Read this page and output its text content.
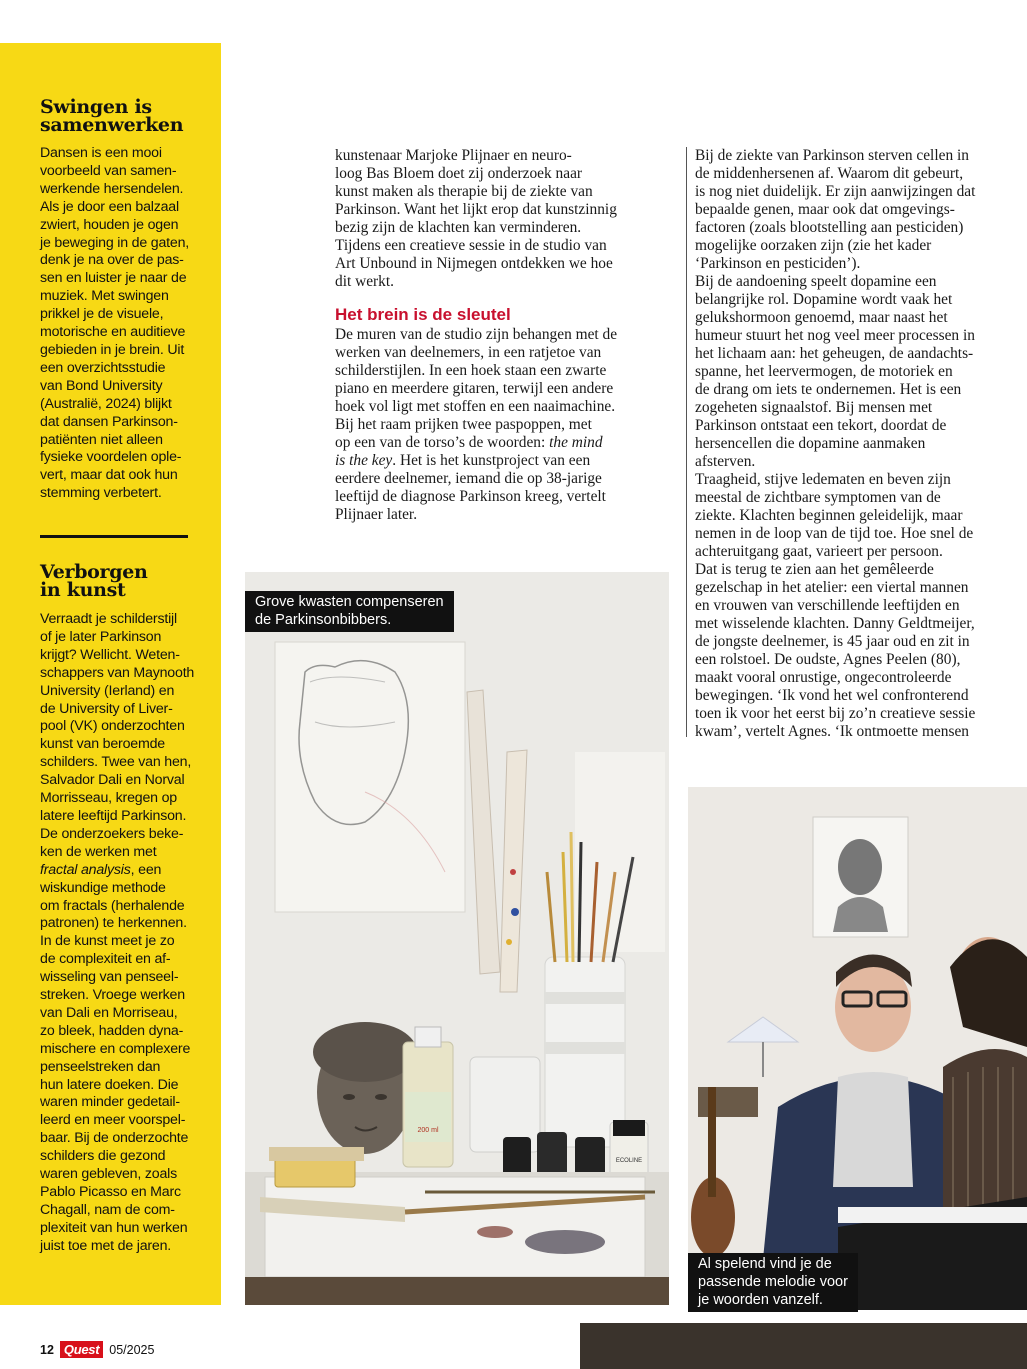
Swingen is
samenwerken
Dansen is een mooi
voorbeeld van samen-
werkende hersendelen.
Als je door een balzaal
zwiert, houden je ogen
je beweging in de gaten,
denk je na over de pas-
sen en luister je naar de
muziek. Met swingen
prikkel je de visuele,
motorische en auditieve
gebieden in je brein. Uit
een overzichtsstudie
van Bond University
(Australië, 2024) blijkt
dat dansen Parkinson-
patiënten niet alleen
fysieke voordelen ople-
vert, maar dat ook hun
stemming verbetert.
Verborgen
in kunst
Verraadt je schilderstijl
of je later Parkinson
krijgt? Wellicht. Weten-
schappers van Maynooth
University (Ierland) en
de University of Liver-
pool (VK) onderzochten
kunst van beroemde
schilders. Twee van hen,
Salvador Dali en Norval
Morrisseau, kregen op
latere leeftijd Parkinson.
De onderzoekers beke-
ken de werken met
fractal analysis, een
wiskundige methode
om fractals (herhalende
patronen) te herkennen.
In de kunst meet je zo
de complexiteit en af-
wisseling van penseel-
streken. Vroege werken
van Dali en Morriseau,
zo bleek, hadden dyna-
mischere en complexere
penseelstreken dan
hun latere doeken. Die
waren minder gedetail-
leerd en meer voorspel-
baar. Bij de onderzochte
schilders die gezond
waren gebleven, zoals
Pablo Picasso en Marc
Chagall, nam de com-
plexiteit van hun werken
juist toe met de jaren.
kunstenaar Marjoke Plijnaer en neuro-
loog Bas Bloem doet zij onderzoek naar
kunst maken als therapie bij de ziekte van
Parkinson. Want het lijkt erop dat kunstzinnig
bezig zijn de klachten kan verminderen.
Tijdens een creatieve sessie in de studio van
Art Unbound in Nijmegen ontdekken we hoe
dit werkt.
Het brein is de sleutel
De muren van de studio zijn behangen met de
werken van deelnemers, in een ratjetoe van
schilderstijlen. In een hoek staan een zwarte
piano en meerdere gitaren, terwijl een andere
hoek vol ligt met stoffen en een naaimachine.
Bij het raam prijken twee paspoppen, met
op een van de torso’s de woorden: the mind
is the key. Het is het kunstproject van een
eerdere deelnemer, iemand die op 38-jarige
leeftijd de diagnose Parkinson kreeg, vertelt
Plijnaer later.
Bij de ziekte van Parkinson sterven cellen in
de middenhersenen af. Waarom dit gebeurt,
is nog niet duidelijk. Er zijn aanwijzingen dat
bepaalde genen, maar ook dat omgevings-
factoren (zoals blootstelling aan pesticiden)
mogelijke oorzaken zijn (zie het kader
‘Parkinson en pesticiden’).
Bij de aandoening speelt dopamine een
belangrijke rol. Dopamine wordt vaak het
gelukshormoon genoemd, maar naast het
humeur stuurt het nog veel meer processen in
het lichaam aan: het geheugen, de aandachts-
spanne, het leervermogen, de motoriek en
de drang om iets te ondernemen. Het is een
zogeheten signaalstof. Bij mensen met
Parkinson ontstaat een tekort, doordat de
hersencellen die dopamine aanmaken
afsterven.
Traagheid, stijve ledematen en beven zijn
meestal de zichtbare symptomen van de
ziekte. Klachten beginnen geleidelijk, maar
nemen in de loop van de tijd toe. Hoe snel de
achteruitgang gaat, varieert per persoon.
Dat is terug te zien aan het gemêleerde
gezelschap in het atelier: een viertal mannen
en vrouwen van verschillende leeftijden en
met wisselende klachten. Danny Geldtmeijer,
de jongste deelnemer, is 45 jaar oud en zit in
een rolstoel. De oudste, Agnes Peelen (80),
maakt vooral onrustige, ongecontroleerde
bewegingen. ‘Ik vond het wel confronterend
toen ik voor het eerst bij zo’n creatieve sessie
kwam’, vertelt Agnes. ‘Ik ontmoette mensen
200 ml
ECOLINE
Grove kwasten compenseren
de Parkinsonbibbers.
Al spelend vind je de
passende melodie voor
je woorden vanzelf.
12 Quest 05/2025
